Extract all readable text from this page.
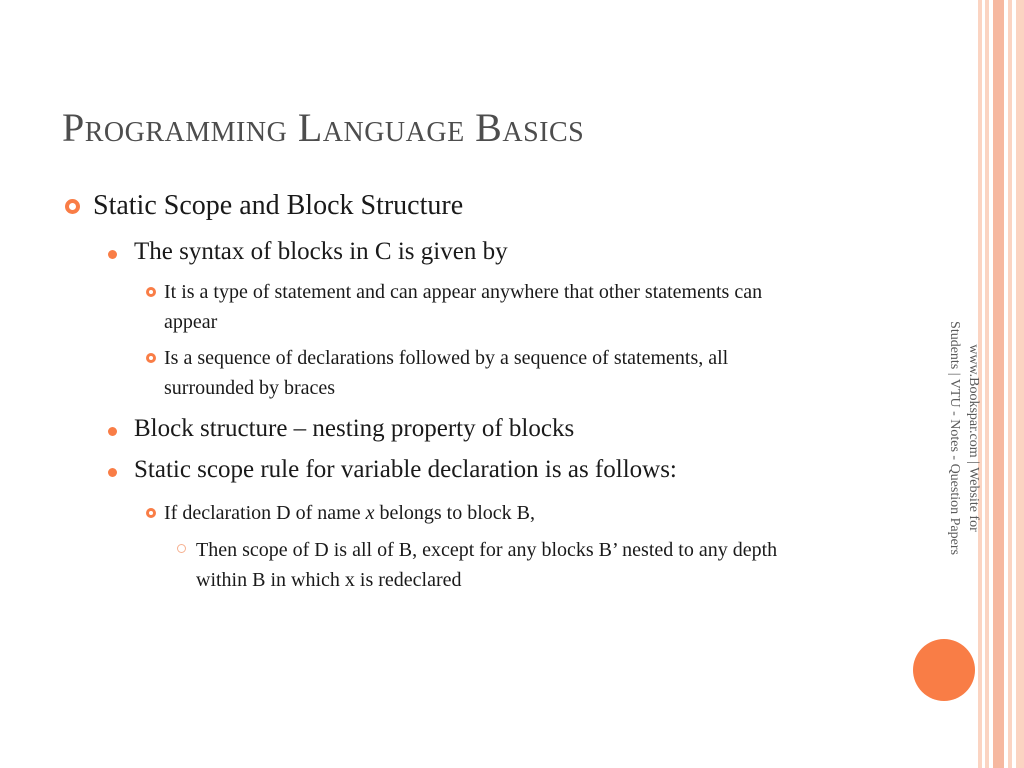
Programming Language Basics
Static Scope and Block Structure
The syntax of blocks in C is given by
It is a type of statement and can appear anywhere that other statements can
appear
Is a sequence of declarations followed by a sequence of statements, all
surrounded by braces
Block structure – nesting property of blocks
Static scope rule for variable declaration is as follows:
If declaration D of name x belongs to block B,
Then scope of D is all of B, except for any blocks B’ nested to any depth
within B in which x is redeclared
www.Bookspar.com | Website for
Students | VTU - Notes - Question Papers
